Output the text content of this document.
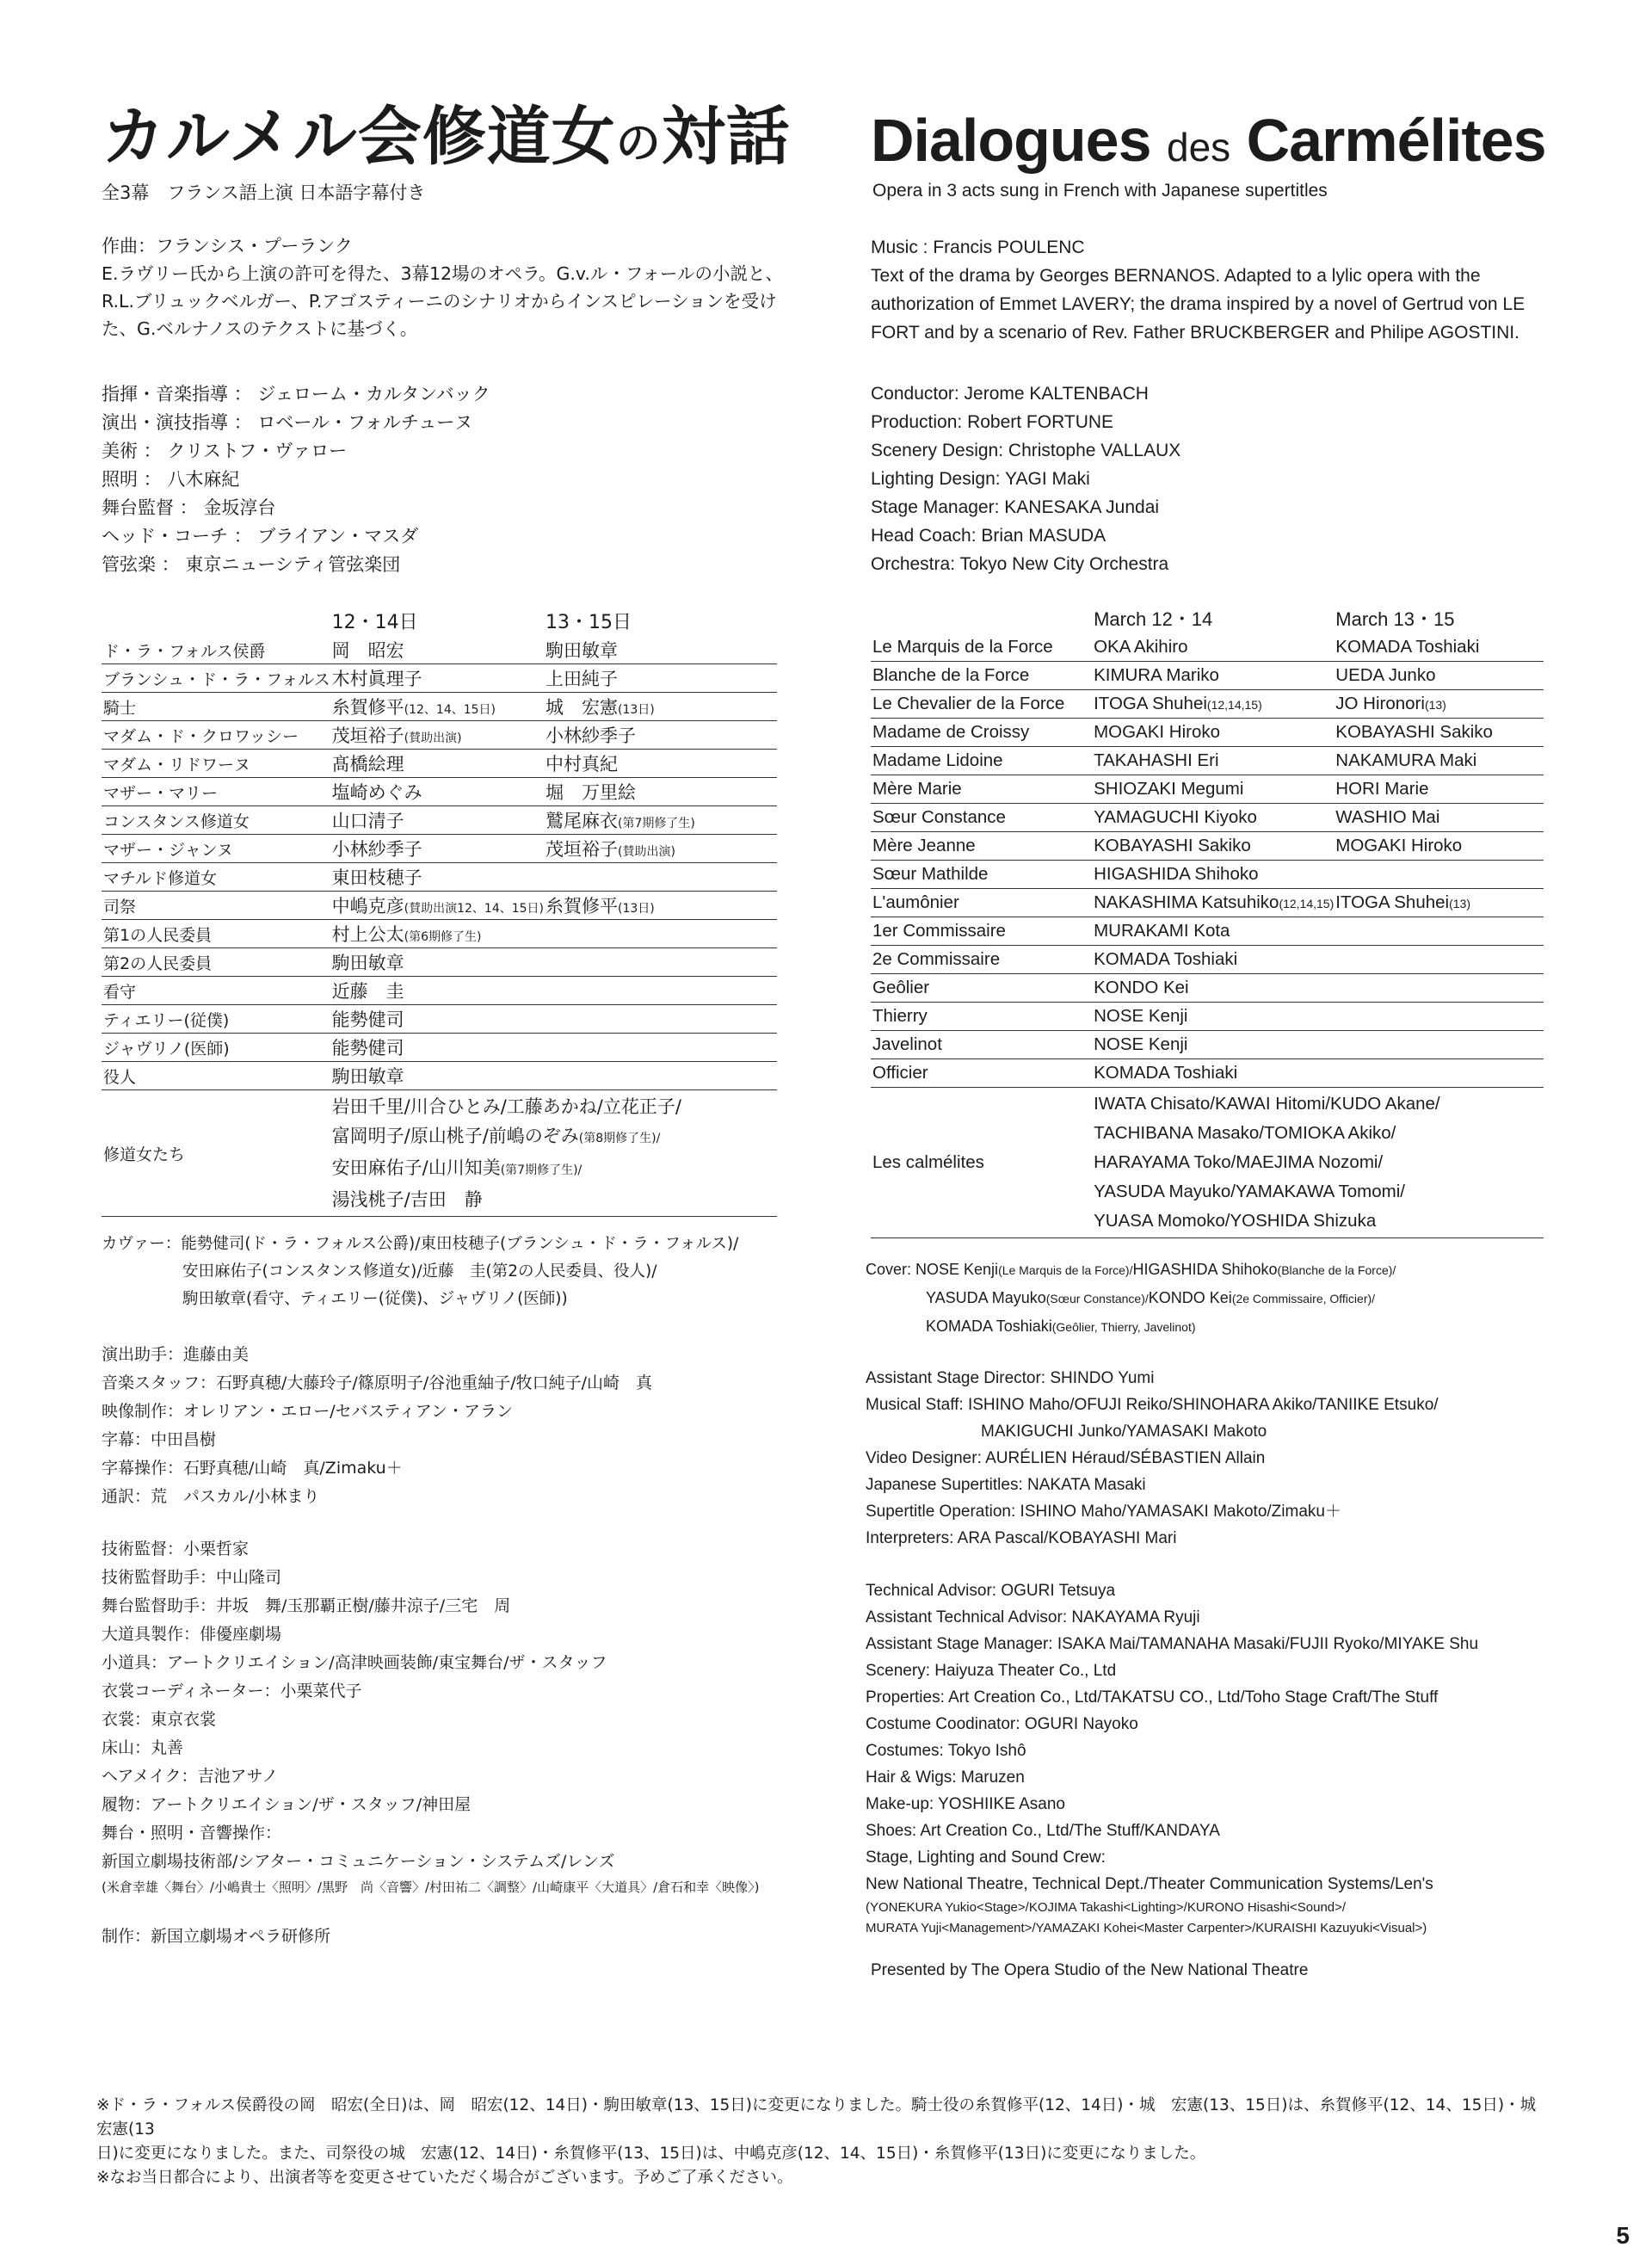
カルメル会修道女の対話 Dialogues des Carmélites
全3幕　フランス語上演 日本語字幕付き	Opera in 3 acts sung in French with Japanese supertitles

作曲：フランシス・プーランク

E.ラヴリー氏から上演の許可を得た、3幕12場のオペラ。G.v.ル・フォールの小説と、R.L.ブリュックベルガー、P.アゴスティーニのシナリオからインスピレーションを受けた、G.ベルナノスのテクストに基づく。

指揮・音楽指導 ： ジェローム・カルタンバック
演出・演技指導 ： ロベール・フォルチューヌ
美術 ： クリストフ・ヴァロー
照明 ： 八木麻紀
舞台監督 ： 金坂淳台
ヘッド・コーチ ： ブライアン・マスダ
管弦楽 ： 東京ニューシティ管弦楽団
	12・14日	13・15日
ド・ラ・フォルス侯爵	岡　昭宏	駒田敏章
ブランシュ・ド・ラ・フォルス	木村眞理子	上田純子
騎士	糸賀修平(12、14、15日)	城　宏憲(13日)
マダム・ド・クロワッシー	茂垣裕子(賛助出演)	小林紗季子
マダム・リドワーヌ	髙橋絵理	中村真紀
マザー・マリー	塩崎めぐみ	堀　万里絵
コンスタンス修道女	山口清子	鷲尾麻衣(第7期修了生)
マザー・ジャンヌ	小林紗季子	茂垣裕子(賛助出演)
マチルド修道女	東田枝穂子	
司祭	中嶋克彦(賛助出演12、14、15日)	糸賀修平(13日)
第1の人民委員	村上公太(第6期修了生)	
第2の人民委員	駒田敏章	
看守	近藤　圭	
ティエリー(従僕)	能勢健司	
ジャヴリノ(医師)	能勢健司	
役人	駒田敏章	
修道女たち	岩田千里/川合ひとみ/工藤あかね/立花正子/
富岡明子/原山桃子/前嶋のぞみ(第8期修了生)/
安田麻佑子/山川知美(第7期修了生)/
湯浅桃子/吉田　静	
カヴァー：能勢健司(ド・ラ・フォルス公爵)/東田枝穂子(ブランシュ・ド・ラ・フォルス)/
安田麻佑子(コンスタンス修道女)/近藤　圭(第2の人民委員、役人)/
駒田敏章(看守、ティエリー(従僕)、ジャヴリノ(医師))
演出助手：進藤由美
音楽スタッフ：石野真穂/大藤玲子/篠原明子/谷池重紬子/牧口純子/山崎　真
映像制作：オレリアン・エロー/セバスティアン・アラン
字幕：中田昌樹
字幕操作：石野真穂/山崎　真/Zimaku＋
通訳：荒　パスカル/小林まり
技術監督：小栗哲家
技術監督助手：中山隆司
舞台監督助手：井坂　舞/玉那覇正樹/藤井涼子/三宅　周
大道具製作：俳優座劇場
小道具：アートクリエイション/高津映画装飾/東宝舞台/ザ・スタッフ
衣裳コーディネーター：小栗菜代子
衣裳：東京衣裳
床山：丸善
ヘアメイク：吉池アサノ
履物：アートクリエイション/ザ・スタッフ/神田屋
舞台・照明・音響操作：
新国立劇場技術部/シアター・コミュニケーション・システムズ/レンズ
(米倉幸雄〈舞台〉/小嶋貴士〈照明〉/黒野　尚〈音響〉/村田祐二〈調整〉/山崎康平〈大道具〉/倉石和幸〈映像〉)
制作：新国立劇場オペラ研修所

Music : Francis POULENC

Text of the drama by Georges BERNANOS. Adapted to a lylic opera with the authorization of Emmet LAVERY; the drama inspired by a novel of Gertrud von LE FORT and by a scenario of Rev. Father BRUCKBERGER and Philipe AGOSTINI.

Conductor: Jerome KALTENBACH
Production: Robert FORTUNE
Scenery Design: Christophe VALLAUX
Lighting Design: YAGI Maki
Stage Manager: KANESAKA Jundai
Head Coach: Brian MASUDA
Orchestra: Tokyo New City Orchestra
	March 12・14	March 13・15
Le Marquis de la Force	OKA Akihiro	KOMADA Toshiaki
Blanche de la Force	KIMURA Mariko	UEDA Junko
Le Chevalier de la Force	ITOGA Shuhei(12,14,15)	JO Hironori(13)
Madame de Croissy	MOGAKI Hiroko	KOBAYASHI Sakiko
Madame Lidoine	TAKAHASHI Eri	NAKAMURA Maki
Mère Marie	SHIOZAKI Megumi	HORI Marie
Sœur Constance	YAMAGUCHI Kiyoko	WASHIO Mai
Mère Jeanne	KOBAYASHI Sakiko	MOGAKI Hiroko
Sœur Mathilde	HIGASHIDA Shihoko	
L'aumônier	NAKASHIMA Katsuhiko(12,14,15)	ITOGA Shuhei(13)
1er Commissaire	MURAKAMI Kota	
2e Commissaire	KOMADA Toshiaki	
Geôlier	KONDO Kei	
Thierry	NOSE Kenji	
Javelinot	NOSE Kenji	
Officier	KOMADA Toshiaki	
Les calmélites	IWATA Chisato/KAWAI Hitomi/KUDO Akane/
TACHIBANA Masako/TOMIOKA Akiko/
HARAYAMA Toko/MAEJIMA Nozomi/
YASUDA Mayuko/YAMAKAWA Tomomi/
YUASA Momoko/YOSHIDA Shizuka	
Cover: NOSE Kenji(Le Marquis de la Force)/HIGASHIDA Shihoko(Blanche de la Force)/
YASUDA Mayuko(Sœur Constance)/KONDO Kei(2e Commissaire, Officier)/
KOMADA Toshiaki(Geôlier, Thierry, Javelinot)
Assistant Stage Director: SHINDO Yumi
Musical Staff: ISHINO Maho/OFUJI Reiko/SHINOHARA Akiko/TANIIKE Etsuko/
MAKIGUCHI Junko/YAMASAKI Makoto
Video Designer: AURÉLIEN Héraud/SÉBASTIEN Allain
Japanese Supertitles: NAKATA Masaki
Supertitle Operation: ISHINO Maho/YAMASAKI Makoto/Zimaku＋
Interpreters: ARA Pascal/KOBAYASHI Mari
Technical Advisor: OGURI Tetsuya
Assistant Technical Advisor: NAKAYAMA Ryuji
Assistant Stage Manager: ISAKA Mai/TAMANAHA Masaki/FUJII Ryoko/MIYAKE Shu
Scenery: Haiyuza Theater Co., Ltd
Properties: Art Creation Co., Ltd/TAKATSU CO., Ltd/Toho Stage Craft/The Stuff
Costume Coodinator: OGURI Nayoko
Costumes: Tokyo Ishô
Hair & Wigs: Maruzen
Make-up: YOSHIIKE Asano
Shoes: Art Creation Co., Ltd/The Stuff/KANDAYA
Stage, Lighting and Sound Crew:
New National Theatre, Technical Dept./Theater Communication Systems/Len's
(YONEKURA Yukio<Stage>/KOJIMA Takashi<Lighting>/KURONO Hisashi<Sound>/
MURATA Yuji<Management>/YAMAZAKI Kohei<Master Carpenter>/KURAISHI Kazuyuki<Visual>)
Presented by The Opera Studio of the New National Theatre
※ド・ラ・フォルス侯爵役の岡　昭宏(全日)は、岡　昭宏(12、14日)・駒田敏章(13、15日)に変更になりました。騎士役の糸賀修平(12、14日)・城　宏憲(13、15日)は、糸賀修平(12、14、15日)・城　宏憲(13
日)に変更になりました。また、司祭役の城　宏憲(12、14日)・糸賀修平(13、15日)は、中嶋克彦(12、14、15日)・糸賀修平(13日)に変更になりました。
※なお当日都合により、出演者等を変更させていただく場合がございます。予めご了承ください。
5
